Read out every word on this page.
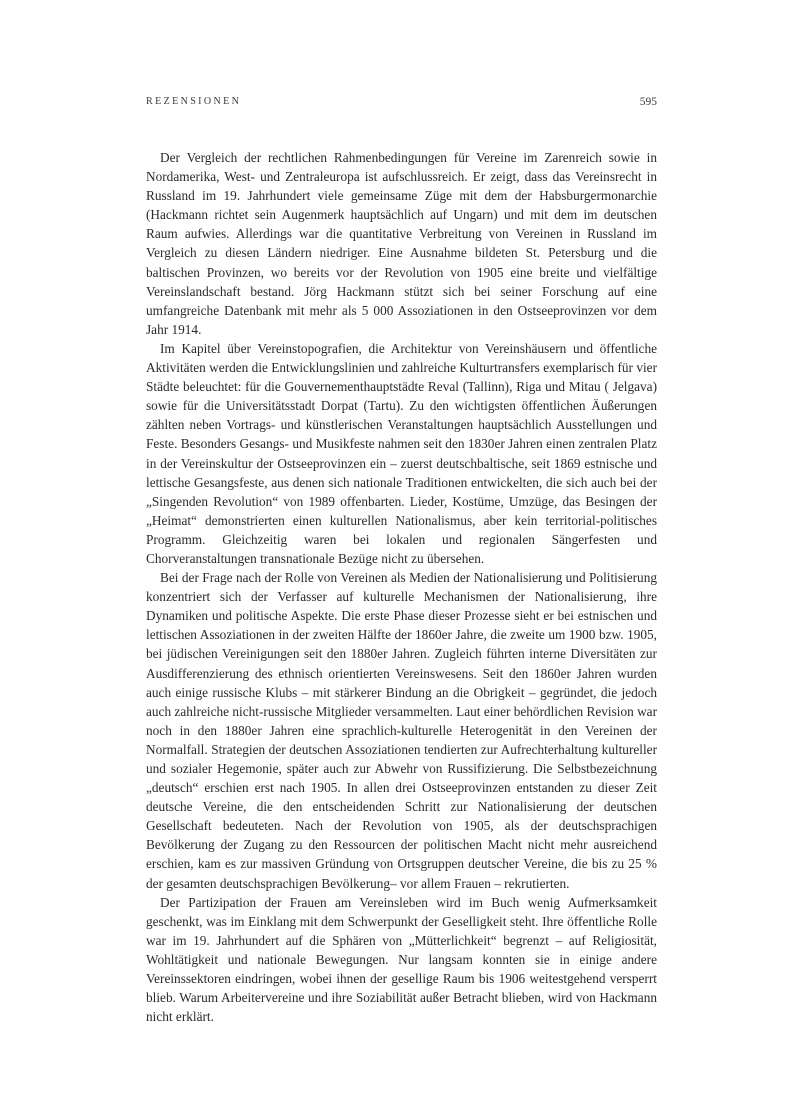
REZENSIONEN	595

Der Vergleich der rechtlichen Rahmenbedingungen für Vereine im Zarenreich sowie in Nordamerika, West- und Zentraleuropa ist aufschlussreich. Er zeigt, dass das Vereinsrecht in Russland im 19. Jahrhundert viele gemeinsame Züge mit dem der Habsburgermonarchie (Hackmann richtet sein Augenmerk hauptsächlich auf Ungarn) und mit dem im deutschen Raum aufwies. Allerdings war die quantitative Verbreitung von Vereinen in Russland im Vergleich zu diesen Ländern niedriger. Eine Ausnahme bildeten St. Petersburg und die baltischen Provinzen, wo bereits vor der Revolution von 1905 eine breite und vielfältige Vereinslandschaft bestand. Jörg Hackmann stützt sich bei seiner Forschung auf eine umfangreiche Datenbank mit mehr als 5 000 Assoziationen in den Ostseeprovinzen vor dem Jahr 1914.

Im Kapitel über Vereinstopografien, die Architektur von Vereinshäusern und öffentliche Aktivitäten werden die Entwicklungslinien und zahlreiche Kulturtransfers exemplarisch für vier Städte beleuchtet: für die Gouvernementhauptstädte Reval (Tallinn), Riga und Mitau ( Jelgava) sowie für die Universitätsstadt Dorpat (Tartu). Zu den wichtigsten öffentlichen Äußerungen zählten neben Vortrags- und künstlerischen Veranstaltungen hauptsächlich Ausstellungen und Feste. Besonders Gesangs- und Musikfeste nahmen seit den 1830er Jahren einen zentralen Platz in der Vereinskultur der Ostseeprovinzen ein – zuerst deutschbaltische, seit 1869 estnische und lettische Gesangsfeste, aus denen sich nationale Traditionen entwickelten, die sich auch bei der „Singenden Revolution“ von 1989 offenbarten. Lieder, Kostüme, Umzüge, das Besingen der „Heimat“ demonstrierten einen kulturellen Nationalismus, aber kein territorial-politisches Programm. Gleichzeitig waren bei lokalen und regionalen Sängerfesten und Chorveranstaltungen transnationale Bezüge nicht zu übersehen.

Bei der Frage nach der Rolle von Vereinen als Medien der Nationalisierung und Politisierung konzentriert sich der Verfasser auf kulturelle Mechanismen der Nationalisierung, ihre Dynamiken und politische Aspekte. Die erste Phase dieser Prozesse sieht er bei estnischen und lettischen Assoziationen in der zweiten Hälfte der 1860er Jahre, die zweite um 1900 bzw. 1905, bei jüdischen Vereinigungen seit den 1880er Jahren. Zugleich führten interne Diversitäten zur Ausdifferenzierung des ethnisch orientierten Vereinswesens. Seit den 1860er Jahren wurden auch einige russische Klubs – mit stärkerer Bindung an die Obrigkeit – gegründet, die jedoch auch zahlreiche nicht-russische Mitglieder versammelten. Laut einer behördlichen Revision war noch in den 1880er Jahren eine sprachlich-kulturelle Heterogenität in den Vereinen der Normalfall. Strategien der deutschen Assoziationen tendierten zur Aufrechterhaltung kultureller und sozialer Hegemonie, später auch zur Abwehr von Russifizierung. Die Selbstbezeichnung „deutsch“ erschien erst nach 1905. In allen drei Ostseeprovinzen entstanden zu dieser Zeit deutsche Vereine, die den entscheidenden Schritt zur Nationalisierung der deutschen Gesellschaft bedeuteten. Nach der Revolution von 1905, als der deutschsprachigen Bevölkerung der Zugang zu den Ressourcen der politischen Macht nicht mehr ausreichend erschien, kam es zur massiven Gründung von Ortsgruppen deutscher Vereine, die bis zu 25 % der gesamten deutschsprachigen Bevölkerung– vor allem Frauen – rekrutierten.

Der Partizipation der Frauen am Vereinsleben wird im Buch wenig Aufmerksamkeit geschenkt, was im Einklang mit dem Schwerpunkt der Geselligkeit steht. Ihre öffentliche Rolle war im 19. Jahrhundert auf die Sphären von „Mütterlichkeit“ begrenzt – auf Religiosität, Wohltätigkeit und nationale Bewegungen. Nur langsam konnten sie in einige andere Vereinssektoren eindringen, wobei ihnen der gesellige Raum bis 1906 weitestgehend versperrt blieb. Warum Arbeitervereine und ihre Soziabilität außer Betracht blieben, wird von Hackmann nicht erklärt.
